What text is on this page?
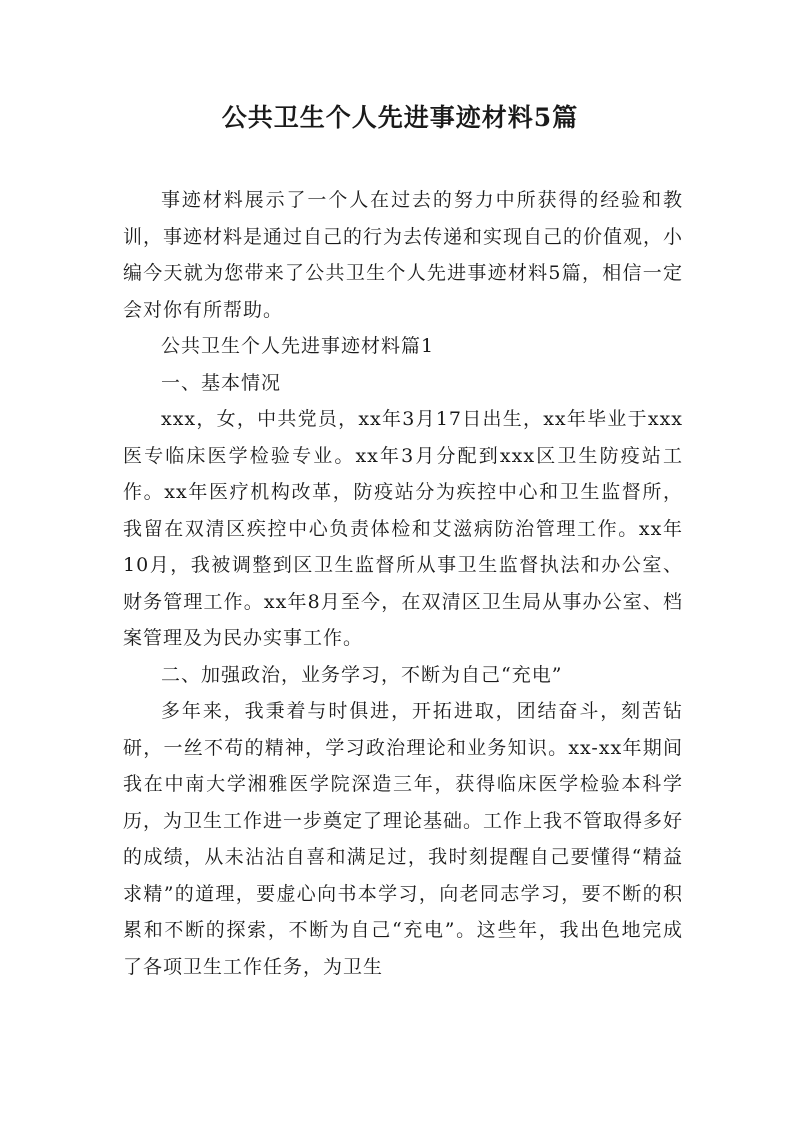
公共卫生个人先进事迹材料5篇

事迹材料展示了一个人在过去的努力中所获得的经验和教训，事迹材料是通过自己的行为去传递和实现自己的价值观，小编今天就为您带来了公共卫生个人先进事迹材料5篇，相信一定会对你有所帮助。

公共卫生个人先进事迹材料篇1

一、基本情况

xxx，女，中共党员，xx年3月17日出生，xx年毕业于xxx医专临床医学检验专业。xx年3月分配到xxx区卫生防疫站工作。xx年医疗机构改革，防疫站分为疾控中心和卫生监督所，我留在双清区疾控中心负责体检和艾滋病防治管理工作。xx年10月，我被调整到区卫生监督所从事卫生监督执法和办公室、财务管理工作。xx年8月至今，在双清区卫生局从事办公室、档案管理及为民办实事工作。

二、加强政治，业务学习，不断为自己“充电”

多年来，我秉着与时俱进，开拓进取，团结奋斗，刻苦钻研，一丝不苟的精神，学习政治理论和业务知识。xx-xx年期间我在中南大学湘雅医学院深造三年，获得临床医学检验本科学历，为卫生工作进一步奠定了理论基础。工作上我不管取得多好的成绩，从未沾沾自喜和满足过，我时刻提醒自己要懂得“精益求精”的道理，要虚心向书本学习，向老同志学习，要不断的积累和不断的探索，不断为自己“充电”。这些年，我出色地完成了各项卫生工作任务，为卫生
